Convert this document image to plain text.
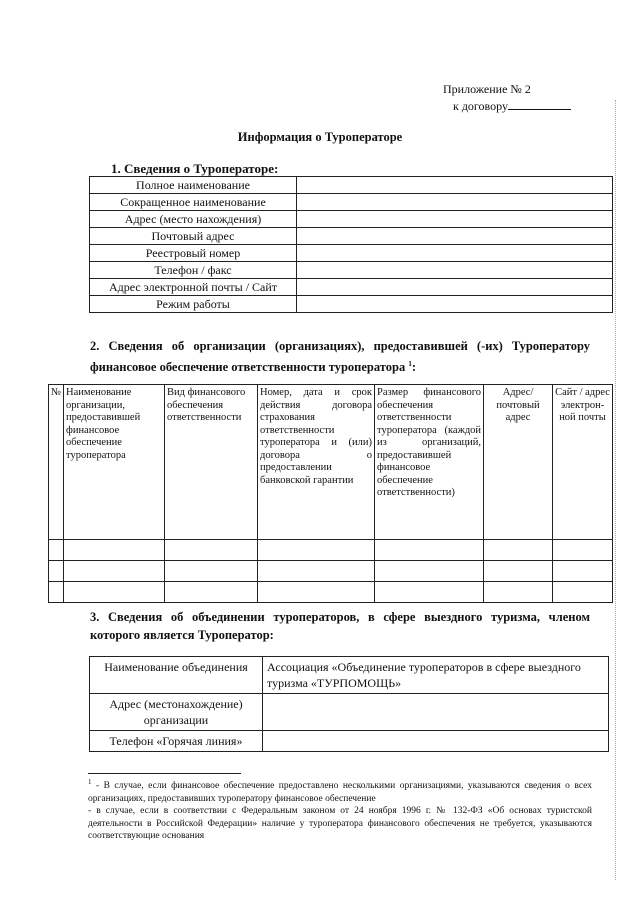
Приложение № 2
к договору
Информация о Туроператоре
1. Сведения о Туроператоре:
Полное наименование	
Сокращенное наименование	
Адрес (место нахождения)	
Почтовый адрес	
Реестровый номер	
Телефон / факс	
Адрес электронной почты / Сайт	
Режим работы	
2. Сведения об организации (организациях), предоставившей (-их) Туроператору финансовое обеспечение ответственности туроператора $^1$:
№	Наименование организации, предоставившей финансовое обеспечение туроператора	Вид финансового обеспечения ответственности	Номер, дата и срок действия договора страхования ответственности туроператора и (или) договора о предоставлении банковской гарантии	Размер финансового обеспечения ответственности туроператора (каждой из организаций, предоставившей финансовое обеспечение ответственности)	Адрес/ почтовый адрес	Сайт / адрес электрон-ной почты

3. Сведения об объединении туроператоров, в сфере выездного туризма, членом которого является Туроператор:
Наименование объединения	Ассоциация «Объединение туроператоров в сфере выездного туризма «ТУРПОМОЩЬ»
Адрес (местонахождение) организации	
Телефон «Горячая линия»	
$^1$ - В случае, если финансовое обеспечение предоставлено несколькими организациями, указываются сведения о всех организациях, предоставивших туроператору финансовое обеспечение
- в случае, если в соответствии с Федеральным законом от 24 ноября 1996 г. № 132-ФЗ «Об основах туристской деятельности в Российской Федерации» наличие у туроператора финансового обеспечения не требуется, указываются соответствующие основания
